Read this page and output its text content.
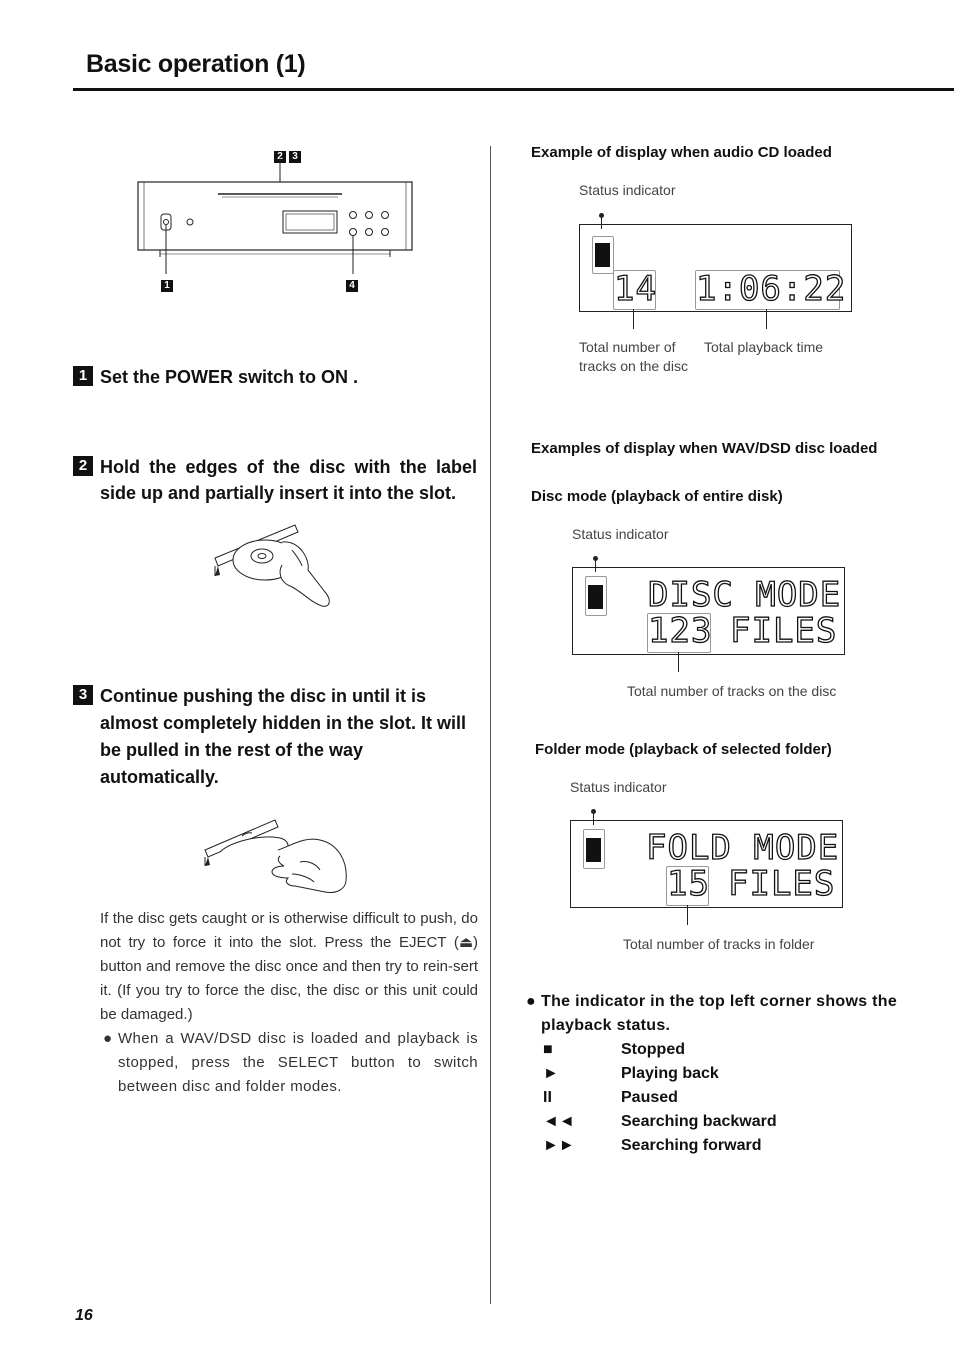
Basic operation (1)
2 3
1	4
1 Set the POWER switch to ON .
2 Hold the edges of the disc with the label side up and partially insert it into the slot.
3 Continue pushing the disc in until it is almost completely hidden in the slot. It will be pulled in the rest of the way automatically.
If the disc gets caught or is otherwise difficult to push, do not try to force it into the slot. Press the EJECT (⏏) button and remove the disc once and then try to rein-sert it. (If you try to force the disc, the disc or this unit could be damaged.)
● When a WAV/DSD disc is loaded and playback is stopped, press the SELECT button to switch between disc and folder modes.
Example of display when audio CD loaded
Status indicator
14 1:06:22
Total number of
tracks on the disc
Total playback time
Examples of display when WAV/DSD disc loaded
Disc mode (playback of entire disk)
Status indicator
DISC MODE
123 FILES
Total number of tracks on the disc
Folder mode (playback of selected folder)
Status indicator
FOLD MODE
15 FILES
Total number of tracks in folder
● The indicator in the top left corner shows the
playback status.
■	Stopped
►	Playing back
II	Paused
◄◄	Searching backward
►►	Searching forward
16
